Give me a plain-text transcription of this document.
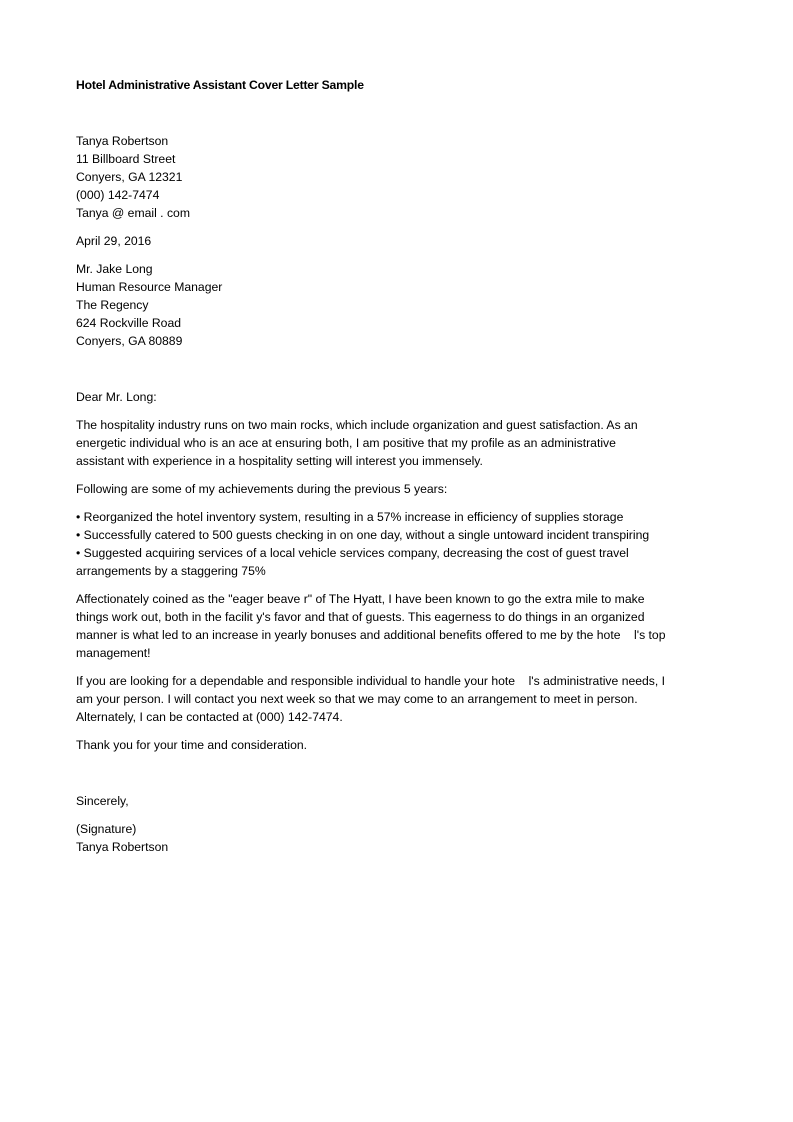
Hotel Administrative Assistant Cover Letter Sample
Tanya Robertson
11 Billboard Street
Conyers, GA 12321
(000) 142-7474
Tanya @ email . com
April 29, 2016
Mr. Jake Long
Human Resource Manager
The Regency
624 Rockville Road
Conyers, GA 80889
Dear Mr. Long:
The hospitality industry runs on two main rocks, which include organization and guest satisfaction. As an
energetic individual who is an ace at ensuring both, I am positive that my profile as an administrative
assistant with experience in a hospitality setting will interest you immensely.
Following are some of my achievements during the previous 5 years:
• Reorganized the hotel inventory system, resulting in a 57% increase in efficiency of supplies storage
• Successfully catered to 500 guests checking in on one day, without a single untoward incident transpiring
• Suggested acquiring services of a local vehicle services company, decreasing the cost of guest travel
arrangements by a staggering 75%
Affectionately coined as the "eager beave r" of The Hyatt, I have been known to go the extra mile to make
things work out, both in the facilit y's favor and that of guests. This eagerness to do things in an organized
manner is what led to an increase in yearly bonuses and additional benefits offered to me by the hote    l's top
management!
If you are looking for a dependable and responsible individual to handle your hote    l's administrative needs, I
am your person. I will contact you next week so that we may come to an arrangement to meet in person.
Alternately, I can be contacted at (000) 142-7474.
Thank you for your time and consideration.
Sincerely,
(Signature)
Tanya Robertson
